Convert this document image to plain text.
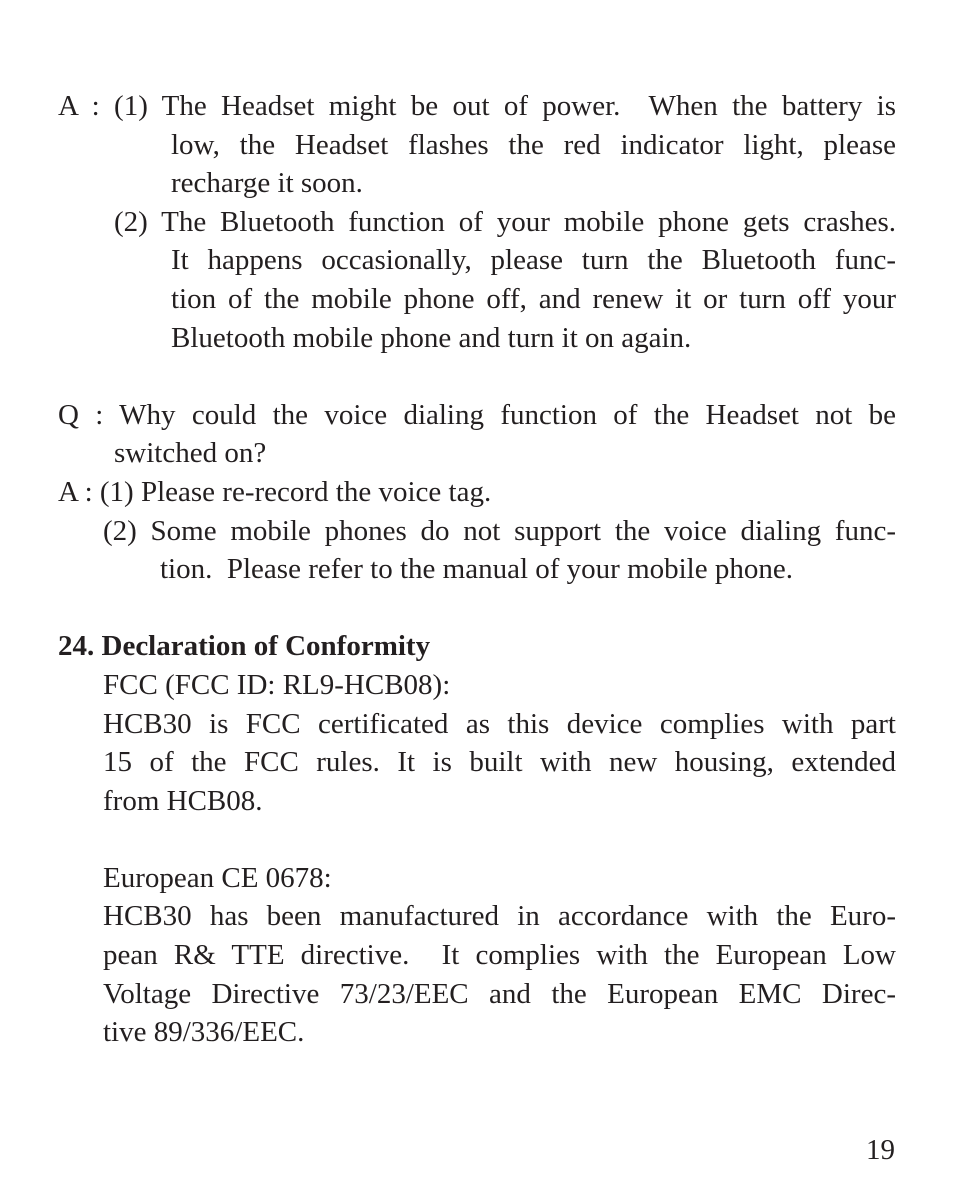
A : (1) The Headset might be out of power.  When the battery is
low, the Headset flashes the red indicator light, please
recharge it soon.
(2) The Bluetooth function of your mobile phone gets crashes.
It happens occasionally, please turn the Bluetooth func-
tion of the mobile phone off, and renew it or turn off your
Bluetooth mobile phone and turn it on again.
Q : Why could the voice dialing function of the Headset not be
switched on?
A : (1) Please re-record the voice tag.
(2) Some mobile phones do not support the voice dialing func-
tion.  Please refer to the manual of your mobile phone.
24. Declaration of Conformity
FCC (FCC ID: RL9-HCB08):
HCB30 is FCC certificated as this device complies with part
15 of the FCC rules. It is built with new housing, extended
from HCB08.
European CE 0678:
HCB30 has been manufactured in accordance with the Euro-
pean R& TTE directive.  It complies with the European Low
Voltage Directive 73/23/EEC and the European EMC Direc-
tive 89/336/EEC.
19
